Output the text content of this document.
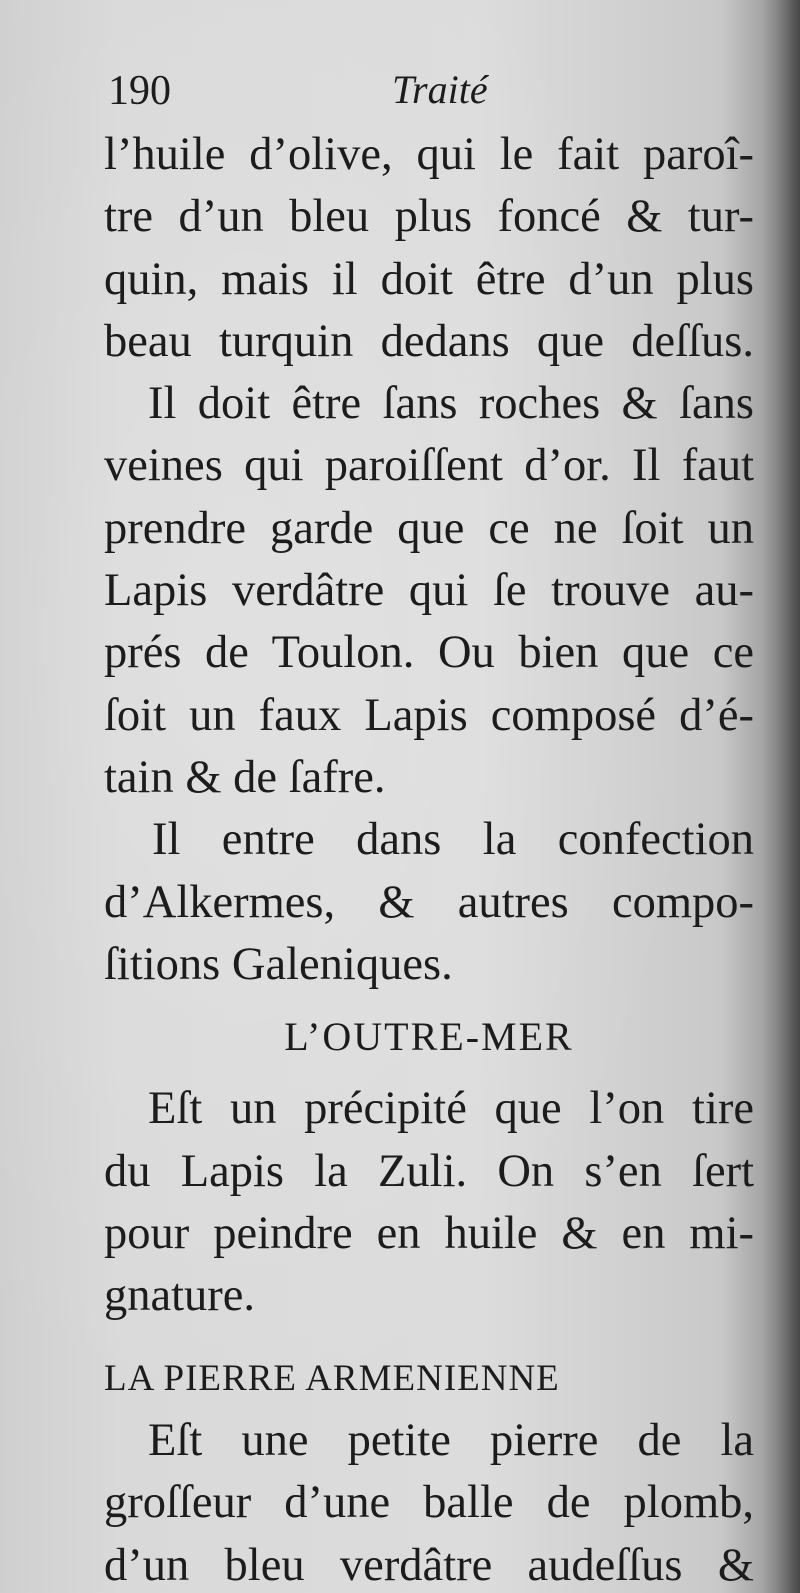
190	Traité
l’huile d’olive, qui le fait paroî-
tre d’un bleu plus foncé & tur-
quin, mais il doit être d’un plus
beau turquin dedans que deſſus.
Il doit être ſans roches & ſans
veines qui paroiſſent d’or. Il faut
prendre garde que ce ne ſoit un
Lapis verdâtre qui ſe trouve au-
prés de Toulon. Ou bien que ce
ſoit un faux Lapis composé d’é-
tain & de ſafre.
Il entre dans la confection
d’Alkermes, & autres compo-
ſitions Galeniques.
L’OUTRE-MER
Eſt un précipité que l’on tire
du Lapis la Zuli. On s’en ſert
pour peindre en huile & en mi-
gnature.
LA PIERRE ARMENIENNE
Eſt une petite pierre de la
groſſeur d’une balle de plomb,
d’un bleu verdâtre audeſſus &
